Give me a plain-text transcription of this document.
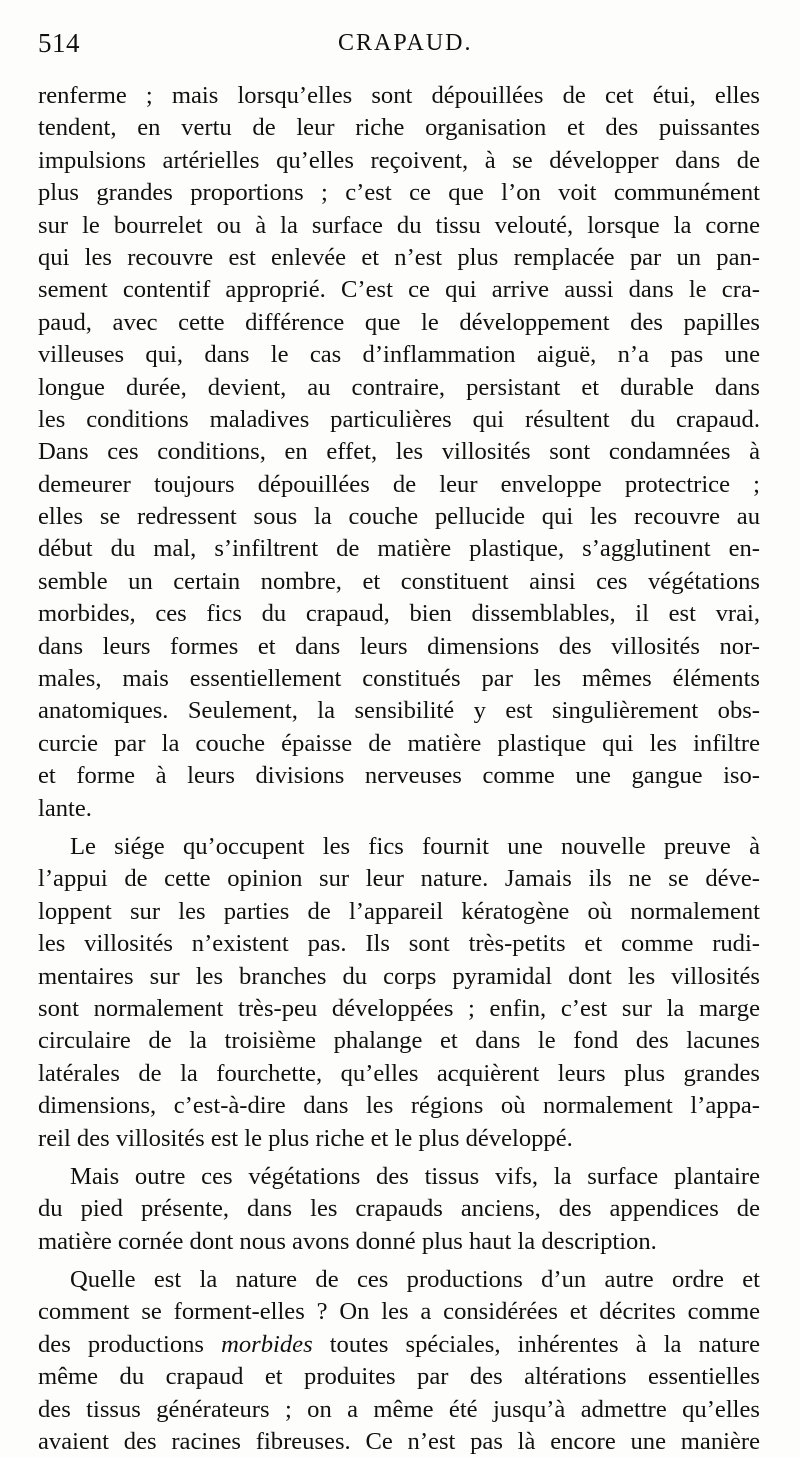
514	CRAPAUD.
renferme ; mais lorsqu’elles sont dépouillées de cet étui, elles
tendent, en vertu de leur riche organisation et des puissantes
impulsions artérielles qu’elles reçoivent, à se développer dans de
plus grandes proportions ; c’est ce que l’on voit communément
sur le bourrelet ou à la surface du tissu velouté, lorsque la corne
qui les recouvre est enlevée et n’est plus remplacée par un pan-
sement contentif approprié. C’est ce qui arrive aussi dans le cra-
paud, avec cette différence que le développement des papilles
villeuses qui, dans le cas d’inflammation aiguë, n’a pas une
longue durée, devient, au contraire, persistant et durable dans
les conditions maladives particulières qui résultent du crapaud.
Dans ces conditions, en effet, les villosités sont condamnées à
demeurer toujours dépouillées de leur enveloppe protectrice ;
elles se redressent sous la couche pellucide qui les recouvre au
début du mal, s’infiltrent de matière plastique, s’agglutinent en-
semble un certain nombre, et constituent ainsi ces végétations
morbides, ces fics du crapaud, bien dissemblables, il est vrai,
dans leurs formes et dans leurs dimensions des villosités nor-
males, mais essentiellement constitués par les mêmes éléments
anatomiques. Seulement, la sensibilité y est singulièrement obs-
curcie par la couche épaisse de matière plastique qui les infiltre
et forme à leurs divisions nerveuses comme une gangue iso-
lante.
Le siége qu’occupent les fics fournit une nouvelle preuve à
l’appui de cette opinion sur leur nature. Jamais ils ne se déve-
loppent sur les parties de l’appareil kératogène où normalement
les villosités n’existent pas. Ils sont très-petits et comme rudi-
mentaires sur les branches du corps pyramidal dont les villosités
sont normalement très-peu développées ; enfin, c’est sur la marge
circulaire de la troisième phalange et dans le fond des lacunes
latérales de la fourchette, qu’elles acquièrent leurs plus grandes
dimensions, c’est-à-dire dans les régions où normalement l’appa-
reil des villosités est le plus riche et le plus développé.
Mais outre ces végétations des tissus vifs, la surface plantaire
du pied présente, dans les crapauds anciens, des appendices de
matière cornée dont nous avons donné plus haut la description.
Quelle est la nature de ces productions d’un autre ordre et
comment se forment-elles ? On les a considérées et décrites comme
des productions morbides toutes spéciales, inhérentes à la nature
même du crapaud et produites par des altérations essentielles
des tissus générateurs ; on a même été jusqu’à admettre qu’elles
avaient des racines fibreuses. Ce n’est pas là encore une manière
